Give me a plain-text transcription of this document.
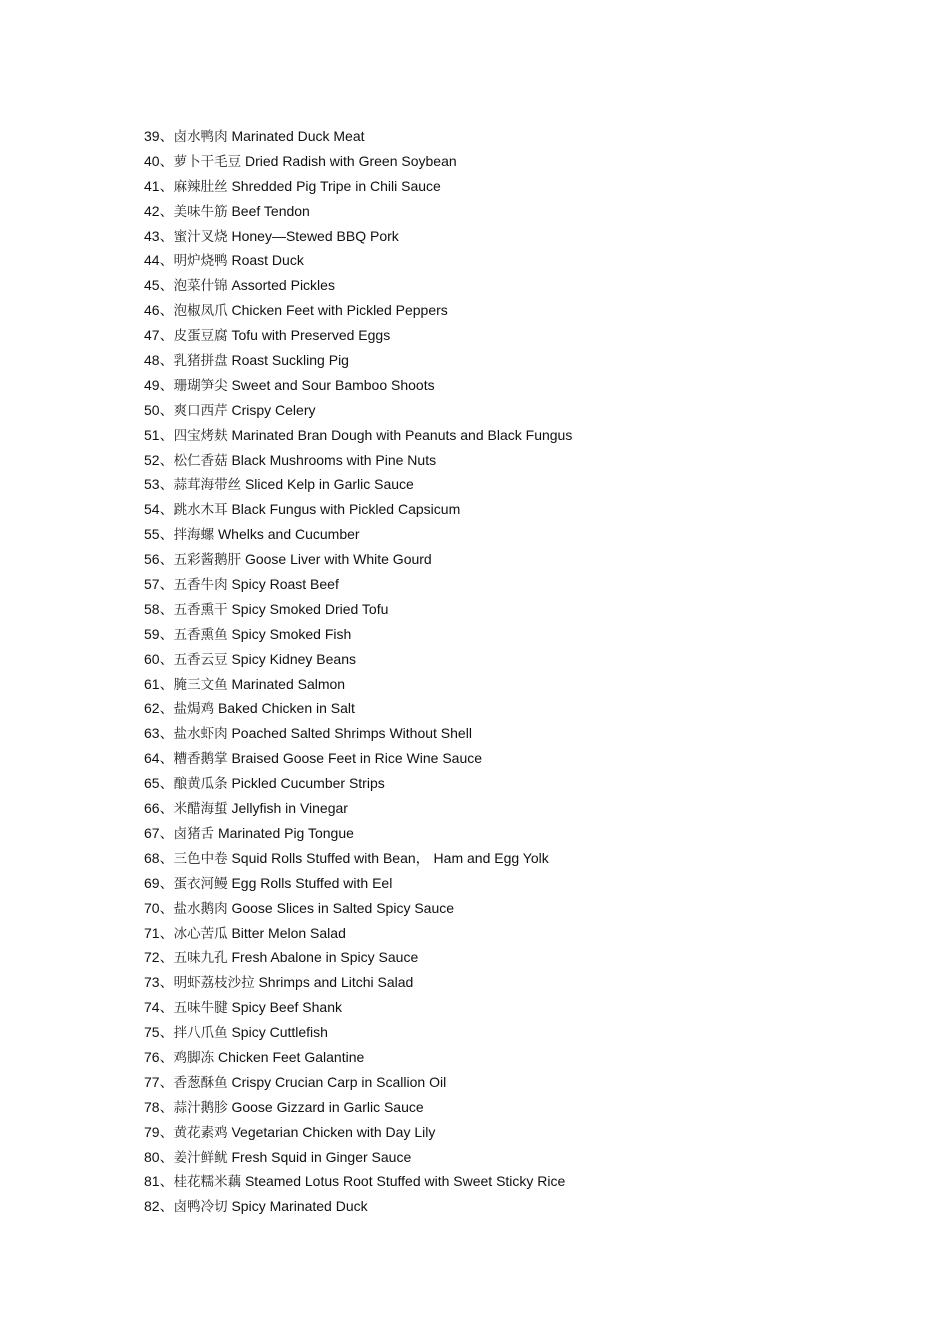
39、卤水鸭肉 Marinated Duck Meat
40、萝卜干毛豆 Dried Radish with Green Soybean
41、麻辣肚丝 Shredded Pig Tripe in Chili Sauce
42、美味牛筋 Beef Tendon
43、蜜汁叉烧 Honey—Stewed BBQ Pork
44、明炉烧鸭 Roast Duck
45、泡菜什锦 Assorted Pickles
46、泡椒凤爪 Chicken Feet with Pickled Peppers
47、皮蛋豆腐 Tofu with Preserved Eggs
48、乳猪拼盘 Roast Suckling Pig
49、珊瑚笋尖 Sweet and Sour Bamboo Shoots
50、爽口西芹 Crispy Celery
51、四宝烤麸 Marinated Bran Dough with Peanuts and Black Fungus
52、松仁香菇 Black Mushrooms with Pine Nuts
53、蒜茸海带丝 Sliced Kelp in Garlic Sauce
54、跳水木耳 Black Fungus with Pickled Capsicum
55、拌海螺 Whelks and Cucumber
56、五彩酱鹅肝 Goose Liver with White Gourd
57、五香牛肉 Spicy Roast Beef
58、五香熏干 Spicy Smoked Dried Tofu
59、五香熏鱼 Spicy Smoked Fish
60、五香云豆 Spicy Kidney Beans
61、腌三文鱼 Marinated Salmon
62、盐焗鸡 Baked Chicken in Salt
63、盐水虾肉 Poached Salted Shrimps Without Shell
64、糟香鹅掌 Braised Goose Feet in Rice Wine Sauce
65、酿黄瓜条 Pickled Cucumber Strips
66、米醋海蜇 Jellyfish in Vinegar
67、卤猪舌 Marinated Pig Tongue
68、三色中卷 Squid Rolls Stuffed with Bean， Ham and Egg Yolk
69、蛋衣河鳗 Egg Rolls Stuffed with Eel
70、盐水鹅肉 Goose Slices in Salted Spicy Sauce
71、冰心苦瓜 Bitter Melon Salad
72、五味九孔 Fresh Abalone in Spicy Sauce
73、明虾荔枝沙拉 Shrimps and Litchi Salad
74、五味牛腱 Spicy Beef Shank
75、拌八爪鱼 Spicy Cuttlefish
76、鸡脚冻 Chicken Feet Galantine
77、香葱酥鱼 Crispy Crucian Carp in Scallion Oil
78、蒜汁鹅胗 Goose Gizzard in Garlic Sauce
79、黄花素鸡 Vegetarian Chicken with Day Lily
80、姜汁鲜鱿 Fresh Squid in Ginger Sauce
81、桂花糯米藕 Steamed Lotus Root Stuffed with Sweet Sticky Rice
82、卤鸭冷切 Spicy Marinated Duck
